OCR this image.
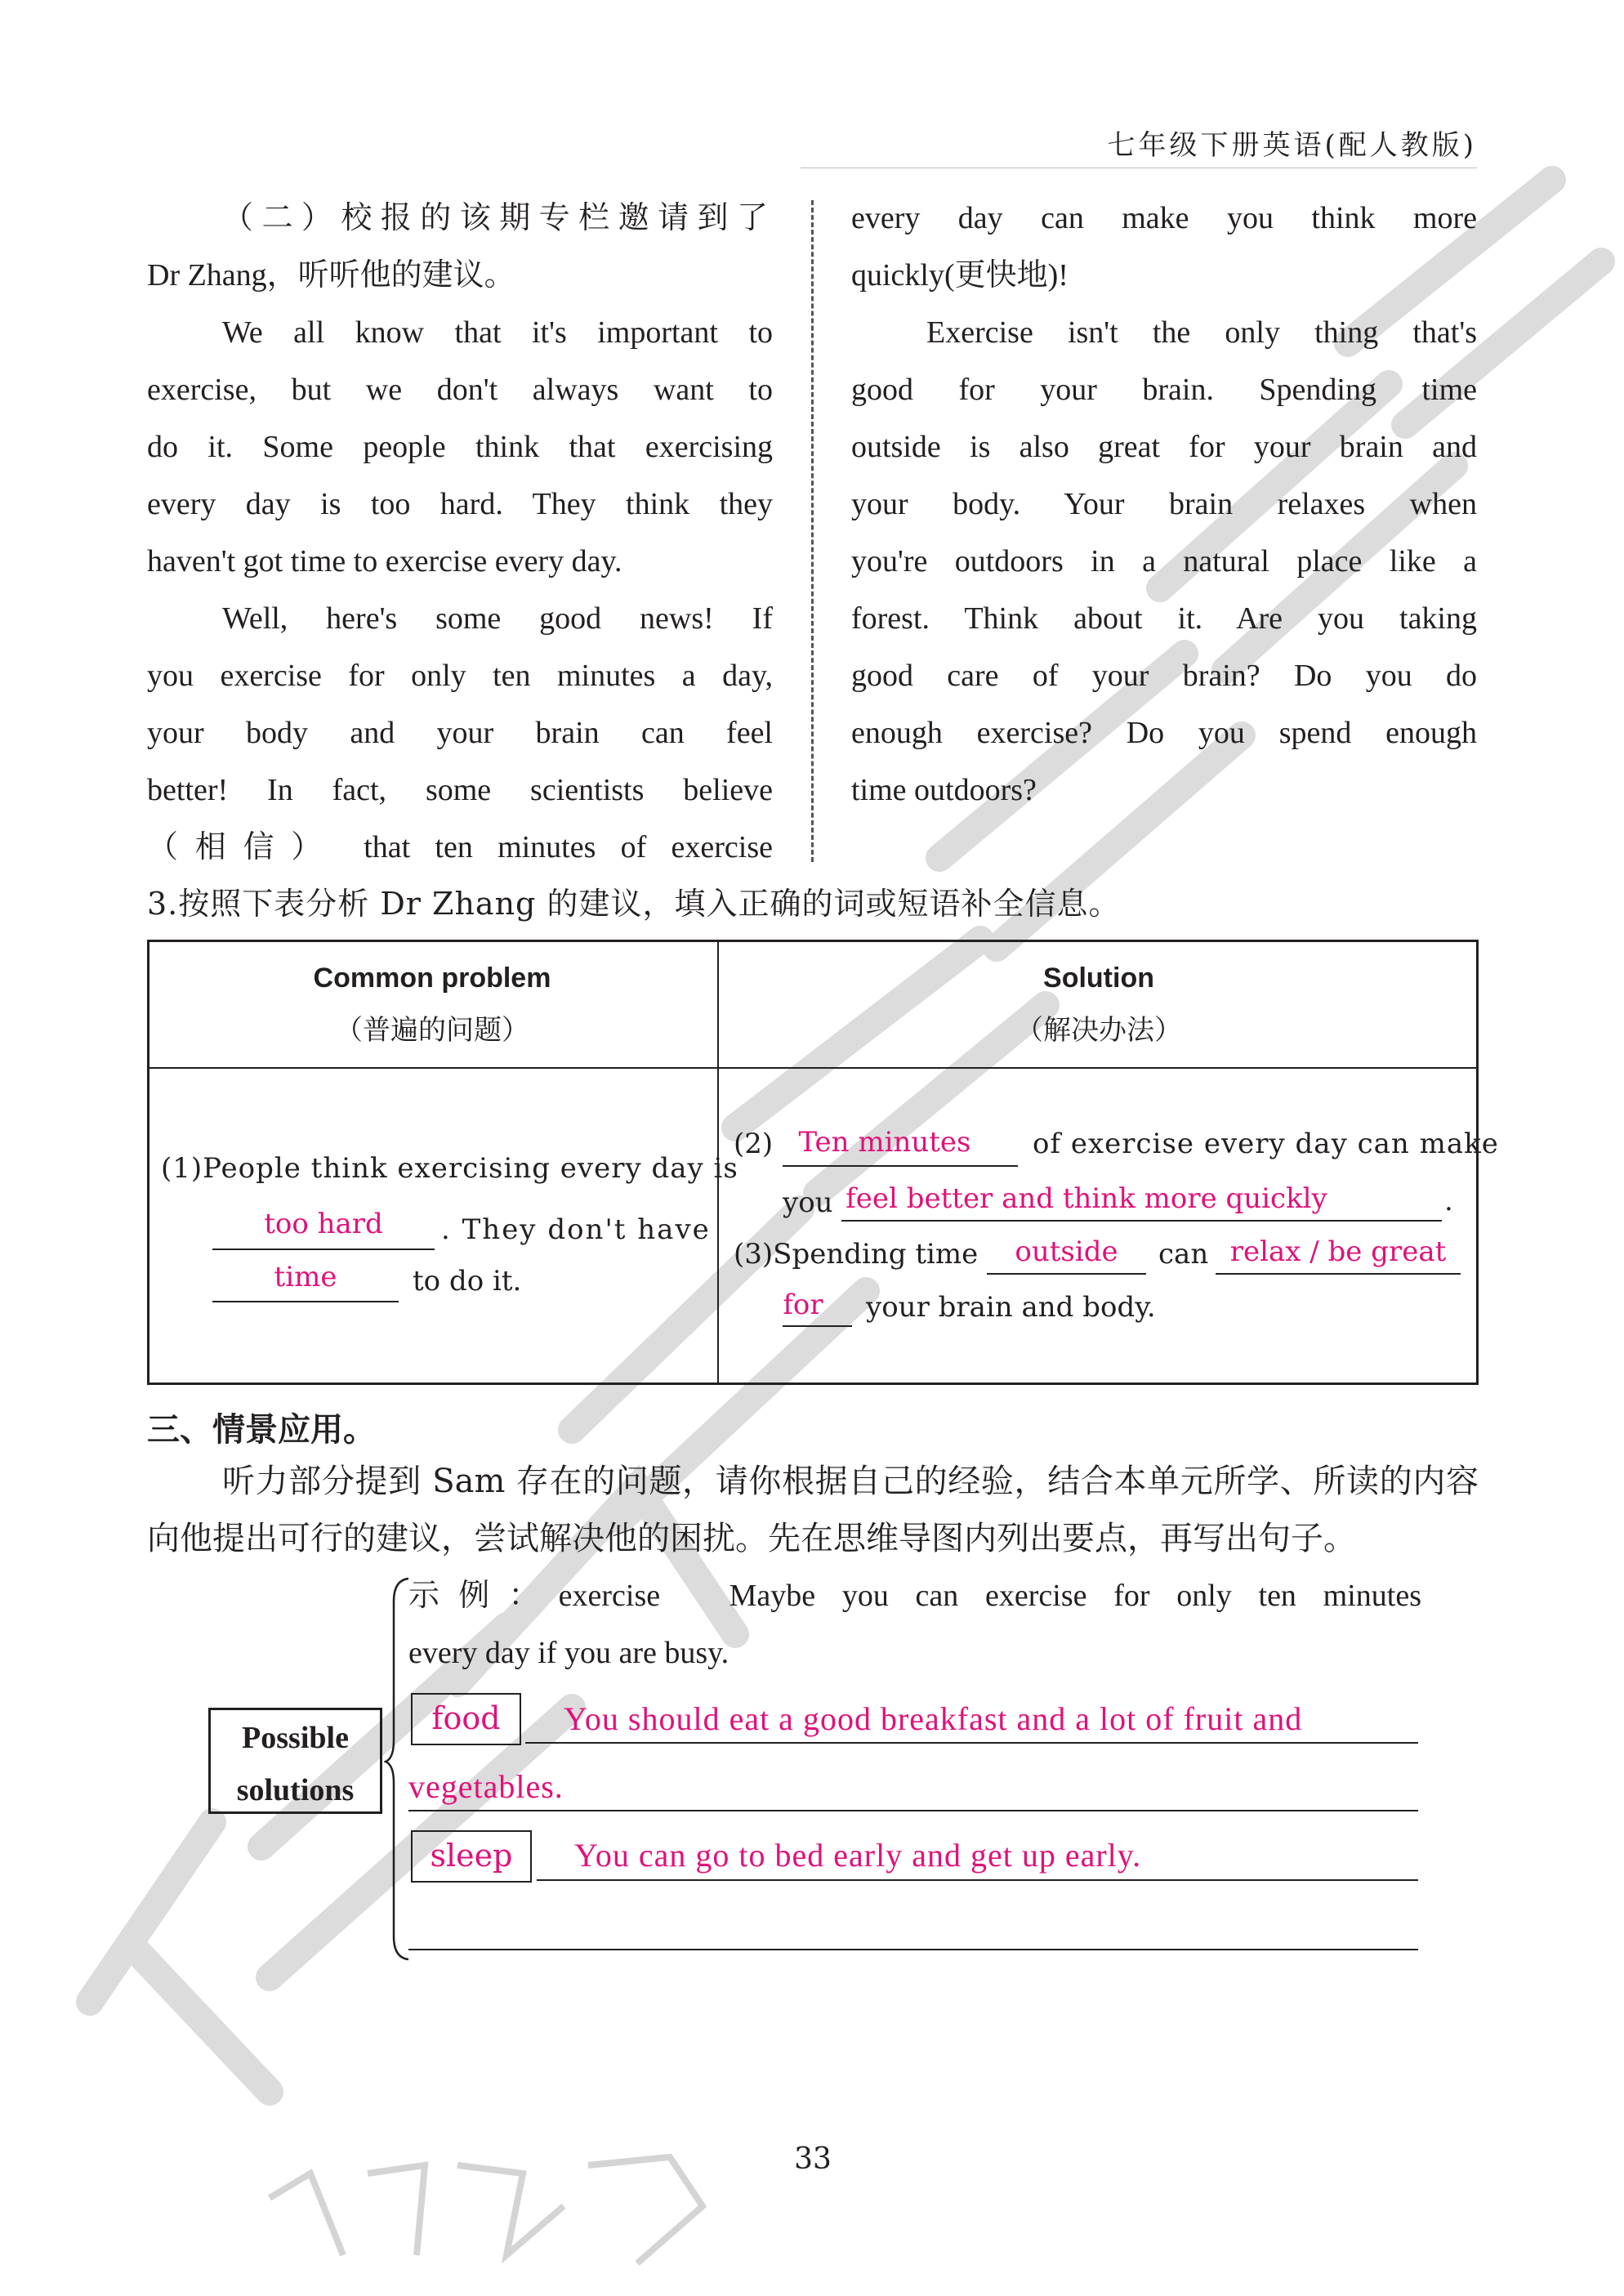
七年级下册英语(配人教版)

（二）校报的该期专栏邀请到了

Dr Zhang，听听他的建议。

We all know that it's important to

exercise, but we don't always want to

do it. Some people think that exercising

every day is too hard. They think they

haven't got time to exercise every day.

Well, here's some good news! If

you exercise for only ten minutes a day,

your body and your brain can feel

better! In fact, some scientists believe

（相信） that ten minutes of exercise

every day can make you think more

quickly(更快地)!

Exercise isn't the only thing that's

good for your brain. Spending time

outside is also great for your brain and

your body. Your brain relaxes when

you're outdoors in a natural place like a

forest. Think about it. Are you taking

good care of your brain? Do you do

enough exercise? Do you spend enough

time outdoors?

3.按照下表分析 Dr Zhang 的建议，填入正确的词或短语补全信息。
Common problem
（普遍的问题）
Solution
（解决办法）
(1)People think exercising every day is
too hard	. They don't have
time	to do it.
(2) Ten minutes	of exercise every day can make
you feel better and think more quickly	.
(3)Spending time	outside	can relax / be great
for your brain and body.
三、情景应用。

听力部分提到 Sam 存在的问题，请你根据自己的经验，结合本单元所学、所读的内容向他提出可行的建议，尝试解决他的困扰。先在思维导图内列出要点，再写出句子。

示例：exercise　Maybe you can exercise for only ten minutes

every day if you are busy.

Possible
solutions
food	You should eat a good breakfast and a lot of fruit and
vegetables.
sleep	You can go to bed early and get up early.
33
